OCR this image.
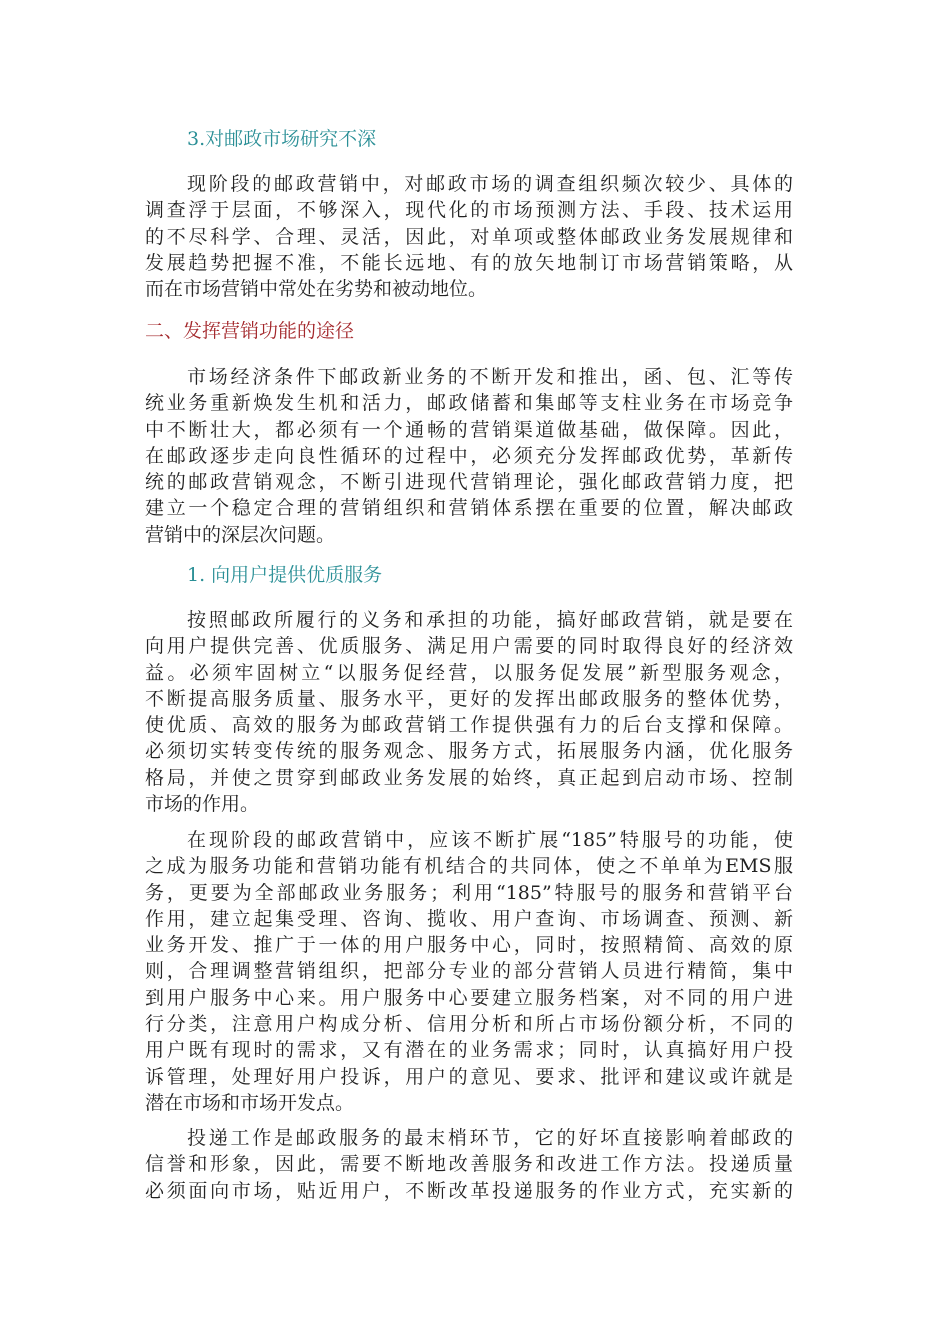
3.对邮政市场研究不深
现阶段的邮政营销中，对邮政市场的调查组织频次较少、具体的
调查浮于层面，不够深入，现代化的市场预测方法、手段、技术运用
的不尽科学、合理、灵活，因此，对单项或整体邮政业务发展规律和
发展趋势把握不准，不能长远地、有的放矢地制订市场营销策略，从
而在市场营销中常处在劣势和被动地位。
二、发挥营销功能的途径
市场经济条件下邮政新业务的不断开发和推出，函、包、汇等传
统业务重新焕发生机和活力，邮政储蓄和集邮等支柱业务在市场竞争
中不断壮大，都必须有一个通畅的营销渠道做基础，做保障。因此，
在邮政逐步走向良性循环的过程中，必须充分发挥邮政优势，革新传
统的邮政营销观念，不断引进现代营销理论，强化邮政营销力度，把
建立一个稳定合理的营销组织和营销体系摆在重要的位置，解决邮政
营销中的深层次问题。
1. 向用户提供优质服务
按照邮政所履行的义务和承担的功能，搞好邮政营销，就是要在
向用户提供完善、优质服务、满足用户需要的同时取得良好的经济效
益。必须牢固树立“以服务促经营，以服务促发展”新型服务观念，
不断提高服务质量、服务水平，更好的发挥出邮政服务的整体优势，
使优质、高效的服务为邮政营销工作提供强有力的后台支撑和保障。
必须切实转变传统的服务观念、服务方式，拓展服务内涵，优化服务
格局，并使之贯穿到邮政业务发展的始终，真正起到启动市场、控制
市场的作用。
在现阶段的邮政营销中，应该不断扩展“185”特服号的功能，使
之成为服务功能和营销功能有机结合的共同体，使之不单单为EMS服
务，更要为全部邮政业务服务；利用“185”特服号的服务和营销平台
作用，建立起集受理、咨询、揽收、用户查询、市场调查、预测、新
业务开发、推广于一体的用户服务中心，同时，按照精简、高效的原
则，合理调整营销组织，把部分专业的部分营销人员进行精简，集中
到用户服务中心来。用户服务中心要建立服务档案，对不同的用户进
行分类，注意用户构成分析、信用分析和所占市场份额分析，不同的
用户既有现时的需求，又有潜在的业务需求；同时，认真搞好用户投
诉管理，处理好用户投诉，用户的意见、要求、批评和建议或许就是
潜在市场和市场开发点。
投递工作是邮政服务的最末梢环节，它的好坏直接影响着邮政的
信誉和形象，因此，需要不断地改善服务和改进工作方法。投递质量
必须面向市场，贴近用户，不断改革投递服务的作业方式，充实新的
